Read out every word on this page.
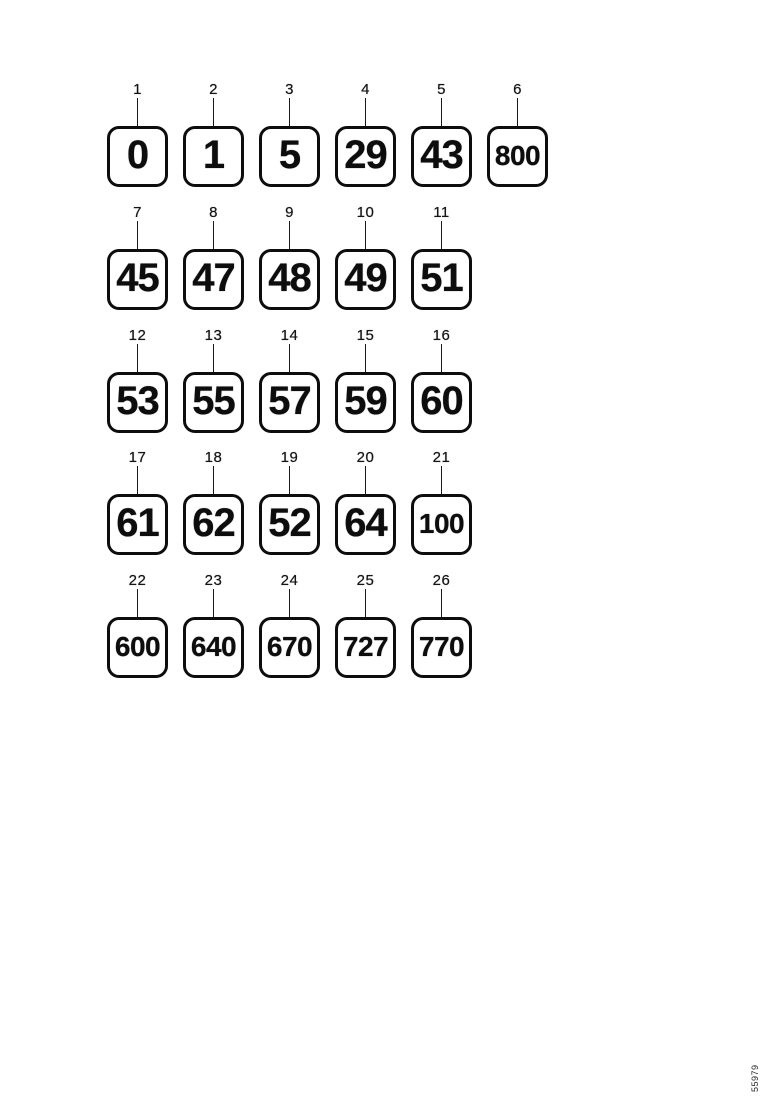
1
0
2
1
3
5
4
29
5
43
6
800
7
45
8
47
9
48
10
49
11
51
12
53
13
55
14
57
15
59
16
60
17
61
18
62
19
52
20
64
21
100
22
600
23
640
24
670
25
727
26
770
55979
